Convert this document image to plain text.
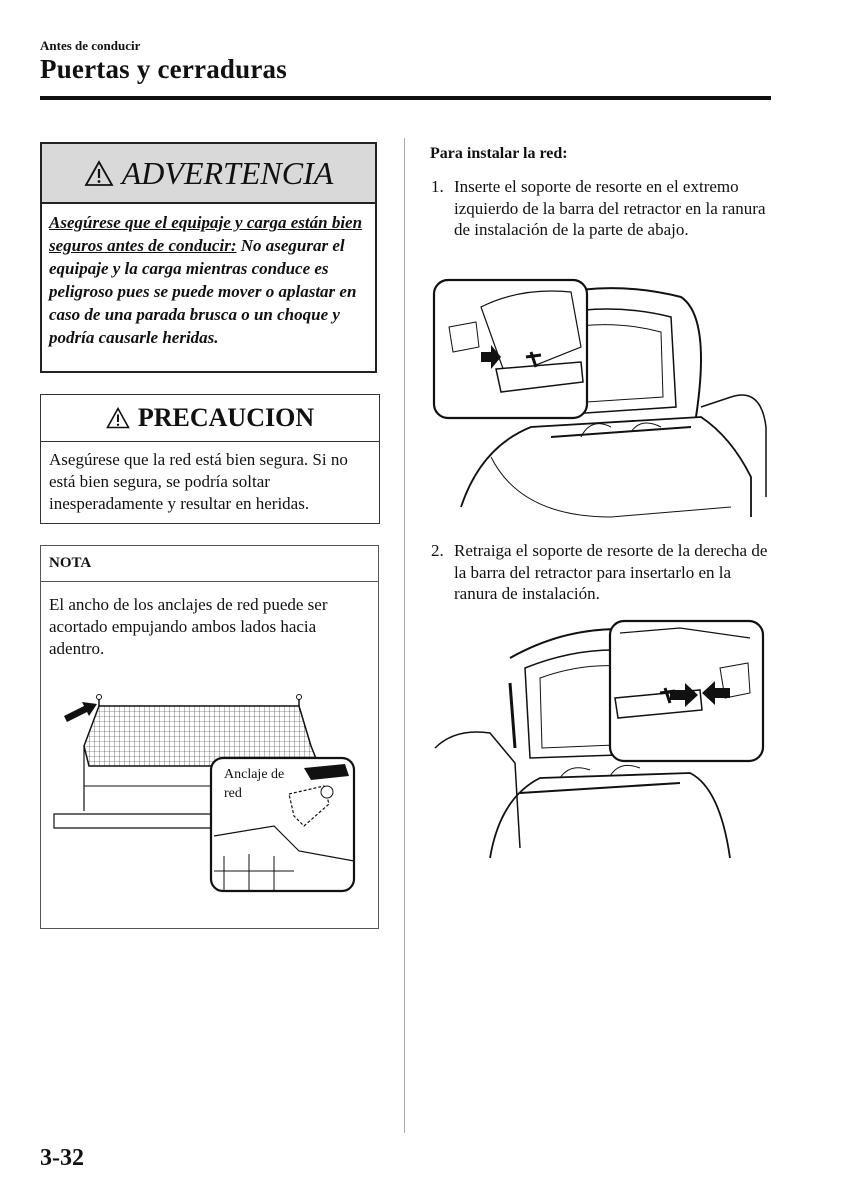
Antes de conducir
Puertas y cerraduras
ADVERTENCIA
Asegúrese que el equipaje y carga están bien seguros antes de conducir: No asegurar el equipaje y la carga mientras conduce es peligroso pues se puede mover o aplastar en caso de una parada brusca o un choque y podría causarle heridas.
PRECAUCION
Asegúrese que la red está bien segura. Si no está bien segura, se podría soltar inesperadamente y resultar en heridas.
NOTA
El ancho de los anclajes de red puede ser acortado empujando ambos lados hacia adentro.
Anclaje de
red
Para instalar la red:
1. Inserte el soporte de resorte en el extremo izquierdo de la barra del retractor en la ranura de instalación de la parte de abajo.
2. Retraiga el soporte de resorte de la derecha de la barra del retractor para insertarlo en la ranura de instalación.
3-32
